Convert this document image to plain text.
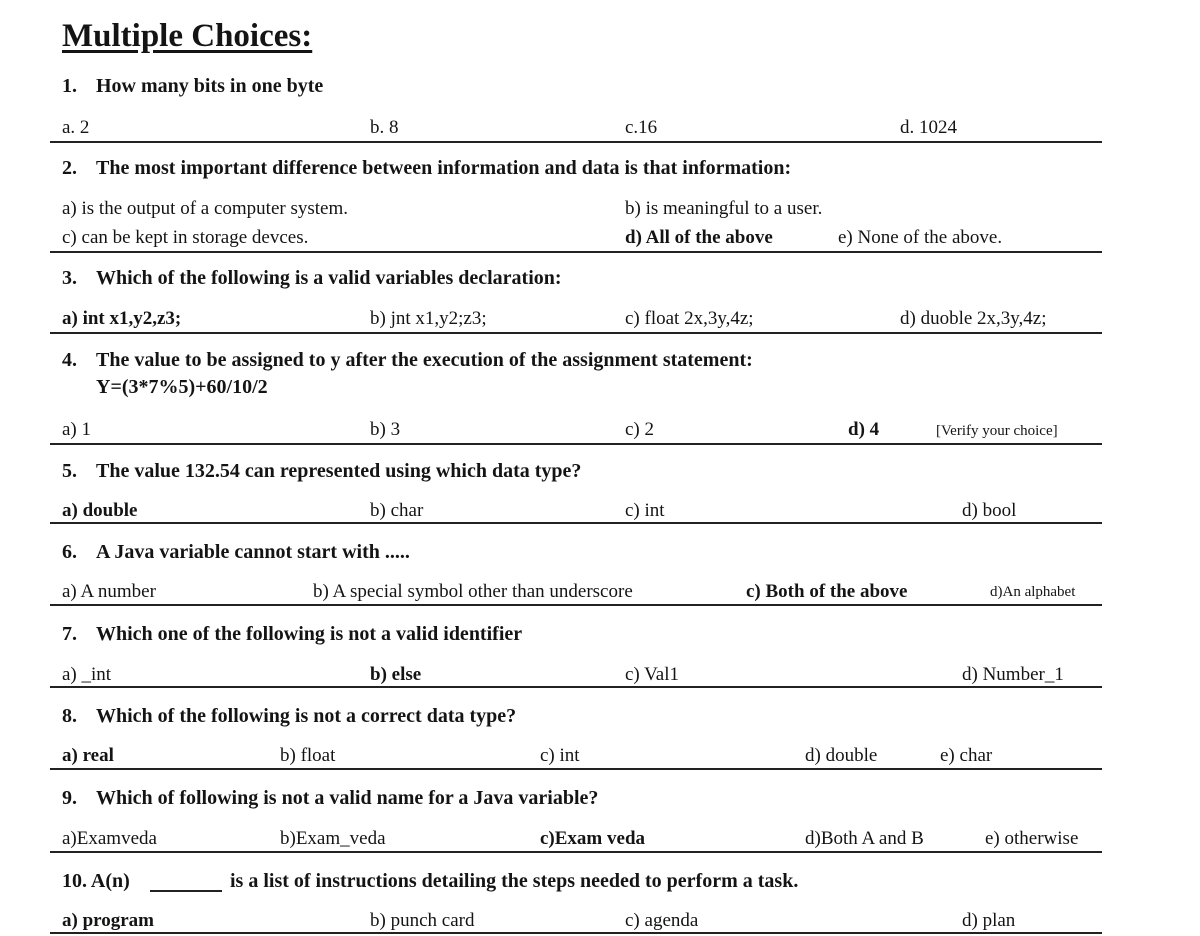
Multiple Choices:
1. How many bits in one byte
a. 2	b. 8	c.16	d. 1024
2. The most important difference between information and data is that information:
a) is the output of a computer system.	b) is meaningful to a user.
c) can be kept in storage devces.	d) All of the above	e) None of the above.
3. Which of the following is a valid variables declaration:
a) int x1,y2,z3;	b) jnt x1,y2;z3;	c) float 2x,3y,4z;	d) duoble 2x,3y,4z;
4. The value to be assigned to y after the execution of the assignment statement:
Y=(3*7%5)+60/10/2
a) 1	b) 3	c) 2	d) 4	[Verify your choice]
5. The value 132.54 can represented using which data type?
a) double	b) char	c) int	d) bool
6. A Java variable cannot start with .....
a) A number	b) A special symbol other than underscore	c) Both of the above	d)An alphabet
7. Which one of the following is not a valid identifier
a) _int	b) else	c) Val1	d) Number_1
8. Which of the following is not a correct data type?
a) real	b) float	c) int	d) double	e) char
9. Which of following is not a valid name for a Java variable?
a)Examveda	b)Exam_veda	c)Exam veda	d)Both A and B	e) otherwise
10. A(n)	is a list of instructions detailing the steps needed to perform a task.
a) program	b) punch card	c) agenda	d) plan
